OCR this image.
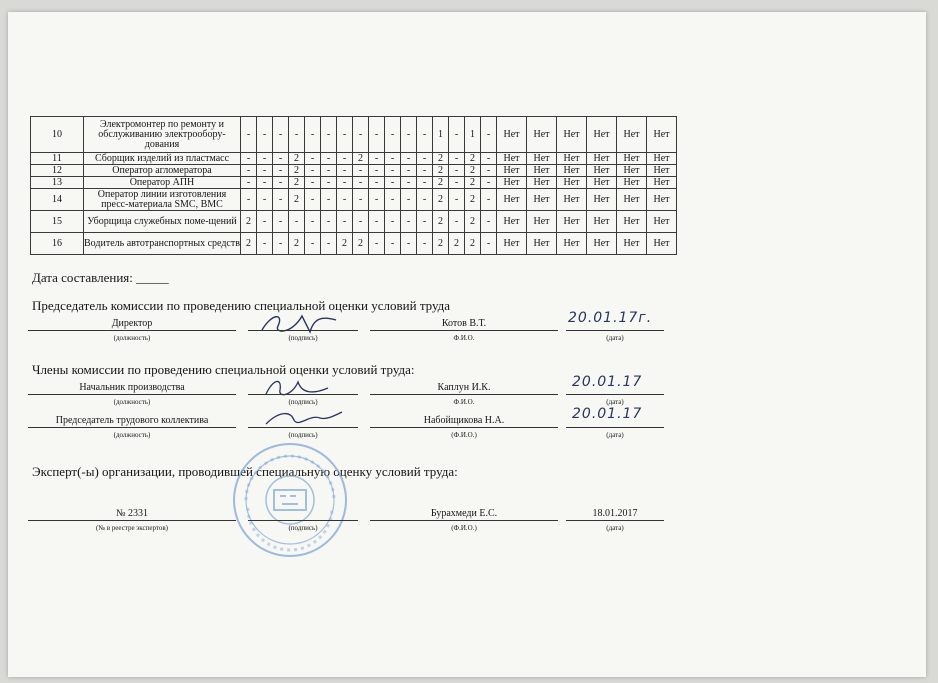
10	Электромонтер по ремонту и обслуживанию электрообору-дования	-	-	-	-	-	-	-	-	-	-	-	-	1	-	1	-	Нет	Нет	Нет	Нет	Нет	Нет
11	Сборщик изделий из пластмасс	-	-	-	2	-	-	-	2	-	-	-	-	2	-	2	-	Нет	Нет	Нет	Нет	Нет	Нет
12	Оператор агломератора	-	-	-	2	-	-	-	-	-	-	-	-	2	-	2	-	Нет	Нет	Нет	Нет	Нет	Нет
13	Оператор АПН	-	-	-	2	-	-	-	-	-	-	-	-	2	-	2	-	Нет	Нет	Нет	Нет	Нет	Нет
14	Оператор линии изготовления пресс-материала SMC, BMC	-	-	-	2	-	-	-	-	-	-	-	-	2	-	2	-	Нет	Нет	Нет	Нет	Нет	Нет
15	Уборщица служебных поме-щений	2	-	-	-	-	-	-	-	-	-	-	-	2	-	2	-	Нет	Нет	Нет	Нет	Нет	Нет
16	Водитель автотранспортных средств	2	-	-	2	-	-	2	2	-	-	-	-	2	2	2	-	Нет	Нет	Нет	Нет	Нет	Нет
Дата составления: _____
Председатель комиссии по проведению специальной оценки условий труда
Директор
(должность)	(подпись)
Котов В.Т.
Ф.И.О.
20.01.17г.
(дата)
Члены комиссии по проведению специальной оценки условий труда:
Начальник производства
(должность)	(подпись)
Каплун И.К.
Ф.И.О.
20.01.17
(дата)
Председатель трудового коллектива
(должность)	(подпись)
Набойщикова Н.А.
(Ф.И.О.)
20.01.17
(дата)
Эксперт(-ы) организации, проводившей специальную оценку условий труда:
№ 2331
(№ в реестре экспертов)	(подпись)
Бурахмеди Е.С.
(Ф.И.О.)
18.01.2017
(дата)
